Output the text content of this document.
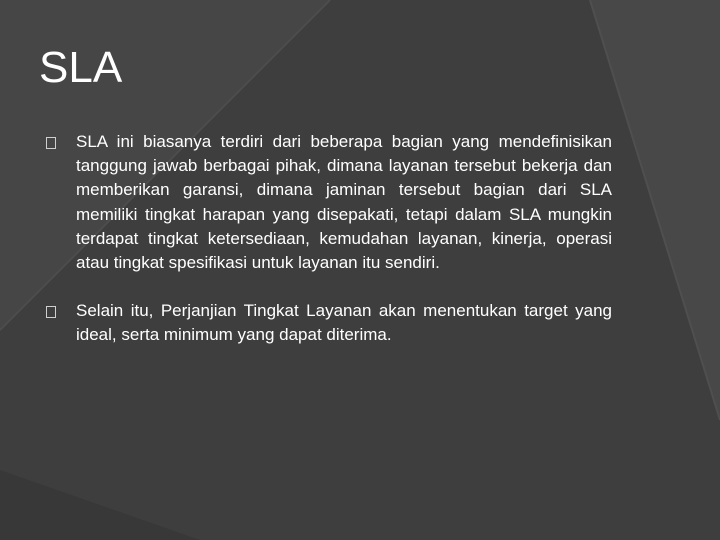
SLA
SLA ini biasanya terdiri dari beberapa bagian yang mendefinisikan tanggung jawab berbagai pihak, dimana layanan tersebut bekerja dan memberikan garansi, dimana jaminan tersebut bagian dari SLA memiliki tingkat harapan yang disepakati, tetapi dalam SLA mungkin terdapat tingkat ketersediaan, kemudahan layanan, kinerja, operasi atau tingkat spesifikasi untuk layanan itu sendiri.
Selain itu, Perjanjian Tingkat Layanan akan menentukan target yang ideal, serta minimum yang dapat diterima.
